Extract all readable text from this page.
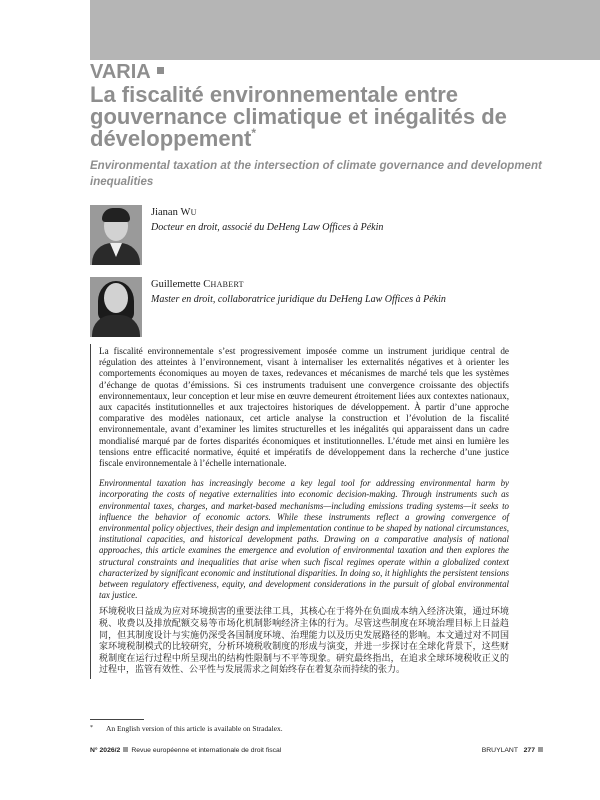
VARIA
La fiscalité environnementale entre gouvernance climatique et inégalités de développement*
Environmental taxation at the intersection of climate governance and development inequalities
Jianan WU
Docteur en droit, associé du DeHeng Law Offices à Pékin
Guillemette CHABERT
Master en droit, collaboratrice juridique du DeHeng Law Offices à Pékin
La fiscalité environnementale s’est progressivement imposée comme un instrument juridique central de régulation des atteintes à l’environnement, visant à internaliser les externalités négatives et à orienter les comportements économiques au moyen de taxes, redevances et mécanismes de marché tels que les systèmes d’échange de quotas d’émissions. Si ces instruments traduisent une convergence croissante des objectifs environnementaux, leur conception et leur mise en œuvre demeurent étroitement liées aux contextes nationaux, aux capacités institutionnelles et aux trajectoires historiques de développement. À partir d’une approche comparative des modèles nationaux, cet article analyse la construction et l’évolution de la fiscalité environnementale, avant d’examiner les limites structurelles et les inégalités qui apparaissent dans un cadre mondialisé marqué par de fortes disparités économiques et institutionnelles. L’étude met ainsi en lumière les tensions entre efficacité normative, équité et impératifs de développement dans la recherche d’une justice fiscale environnementale à l’échelle internationale.
Environmental taxation has increasingly become a key legal tool for addressing environmental harm by incorporating the costs of negative externalities into economic decision-making. Through instruments such as environmental taxes, charges, and market-based mechanisms—including emissions trading systems—it seeks to influence the behavior of economic actors. While these instruments reflect a growing convergence of environmental policy objectives, their design and implementation continue to be shaped by national circumstances, institutional capacities, and historical development paths. Drawing on a comparative analysis of national approaches, this article examines the emergence and evolution of environmental taxation and then explores the structural constraints and inequalities that arise when such fiscal regimes operate within a globalized context characterized by significant economic and institutional disparities. In doing so, it highlights the persistent tensions between regulatory effectiveness, equity, and development considerations in the pursuit of global environmental tax justice.
环境税收日益成为应对环境损害的重要法律工具，其核心在于将外在负面成本纳入经济决策，通过环境税、收费以及排放配额交易等市场化机制影响经济主体的行为。尽管这些制度在环境治理目标上日益趋同，但其制度设计与实施仍深受各国制度环境、治理能力以及历史发展路径的影响。本文通过对不同国家环境税制模式的比较研究，分析环境税收制度的形成与演变，并进一步探讨在全球化背景下，这些财税制度在运行过程中所呈现出的结构性限制与不平等现象。研究最终指出，在追求全球环境税收正义的过程中，监管有效性、公平性与发展需求之间始终存在着复杂而持续的张力。
* An English version of this article is available on Stradalex.
N° 2026/2 Revue européenne et internationale de droit fiscal	BRUYLANT 277
